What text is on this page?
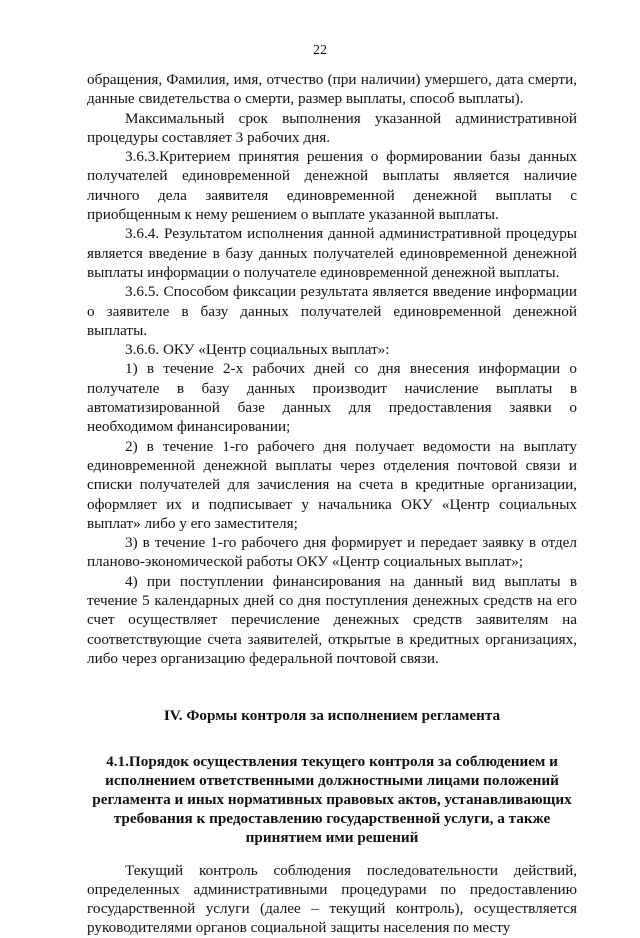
22

обращения, Фамилия, имя, отчество (при наличии) умершего, дата смерти, данные свидетельства о смерти, размер выплаты, способ выплаты).

Максимальный срок выполнения указанной административной процедуры составляет 3 рабочих дня.

3.6.3.Критерием принятия решения о формировании базы данных получателей единовременной денежной выплаты является наличие личного дела заявителя единовременной денежной выплаты с приобщенным к нему решением о выплате указанной выплаты.

3.6.4. Результатом исполнения данной административной процедуры является введение в базу данных получателей единовременной денежной выплаты информации о получателе единовременной денежной выплаты.

3.6.5. Способом фиксации результата является введение информации о заявителе в базу данных получателей единовременной денежной выплаты.

3.6.6. ОКУ «Центр социальных выплат»:

1) в течение 2-х рабочих дней со дня внесения информации о получателе в базу данных производит начисление выплаты в автоматизированной базе данных для предоставления заявки о необходимом финансировании;

2) в течение 1-го рабочего дня получает ведомости на выплату единовременной денежной выплаты через отделения почтовой связи и списки получателей для зачисления на счета в кредитные организации, оформляет их и подписывает у начальника ОКУ «Центр социальных выплат» либо у его заместителя;

3) в течение 1-го рабочего дня формирует и передает заявку в отдел планово-экономической работы ОКУ «Центр социальных выплат»;

4) при поступлении финансирования на данный вид выплаты в течение 5 календарных дней со дня поступления денежных средств на его счет осуществляет перечисление денежных средств заявителям на соответствующие счета заявителей, открытые в кредитных организациях, либо через организацию федеральной почтовой связи.

IV. Формы контроля за исполнением регламента

4.1.Порядок осуществления текущего контроля за соблюдением и исполнением ответственными должностными лицами положений регламента и иных нормативных правовых актов, устанавливающих требования к предоставлению государственной услуги, а также принятием ими решений

Текущий контроль соблюдения последовательности действий, определенных административными процедурами по предоставлению государственной услуги (далее – текущий контроль), осуществляется руководителями органов социальной защиты населения по месту
